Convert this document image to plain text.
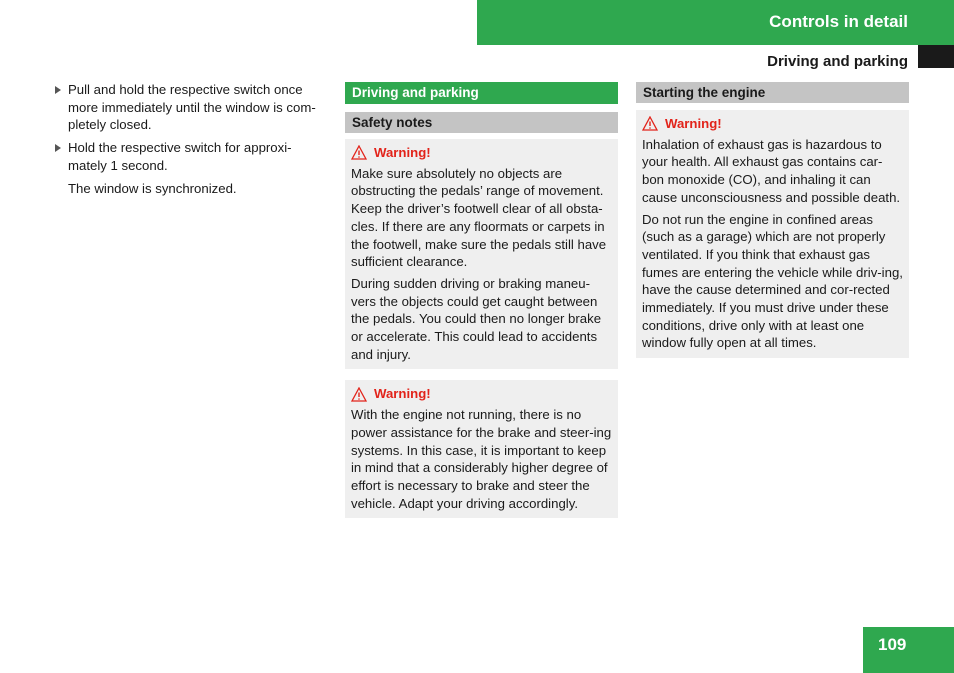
Controls in detail
Driving and parking
Pull and hold the respective switch once more immediately until the window is com-pletely closed.
Hold the respective switch for approxi-mately 1 second.
The window is synchronized.
Driving and parking
Safety notes
Warning!

Make sure absolutely no objects are obstructing the pedals’ range of movement. Keep the driver’s footwell clear of all obsta-cles. If there are any floormats or carpets in the footwell, make sure the pedals still have sufficient clearance.

During sudden driving or braking maneu-vers the objects could get caught between the pedals. You could then no longer brake or accelerate. This could lead to accidents and injury.

Warning!

With the engine not running, there is no power assistance for the brake and steer-ing systems. In this case, it is important to keep in mind that a considerably higher degree of effort is necessary to brake and steer the vehicle. Adapt your driving accordingly.

Starting the engine
Warning!

Inhalation of exhaust gas is hazardous to your health. All exhaust gas contains car-bon monoxide (CO), and inhaling it can cause unconsciousness and possible death.

Do not run the engine in confined areas (such as a garage) which are not properly ventilated. If you think that exhaust gas fumes are entering the vehicle while driv-ing, have the cause determined and cor-rected immediately. If you must drive under these conditions, drive only with at least one window fully open at all times.

109
